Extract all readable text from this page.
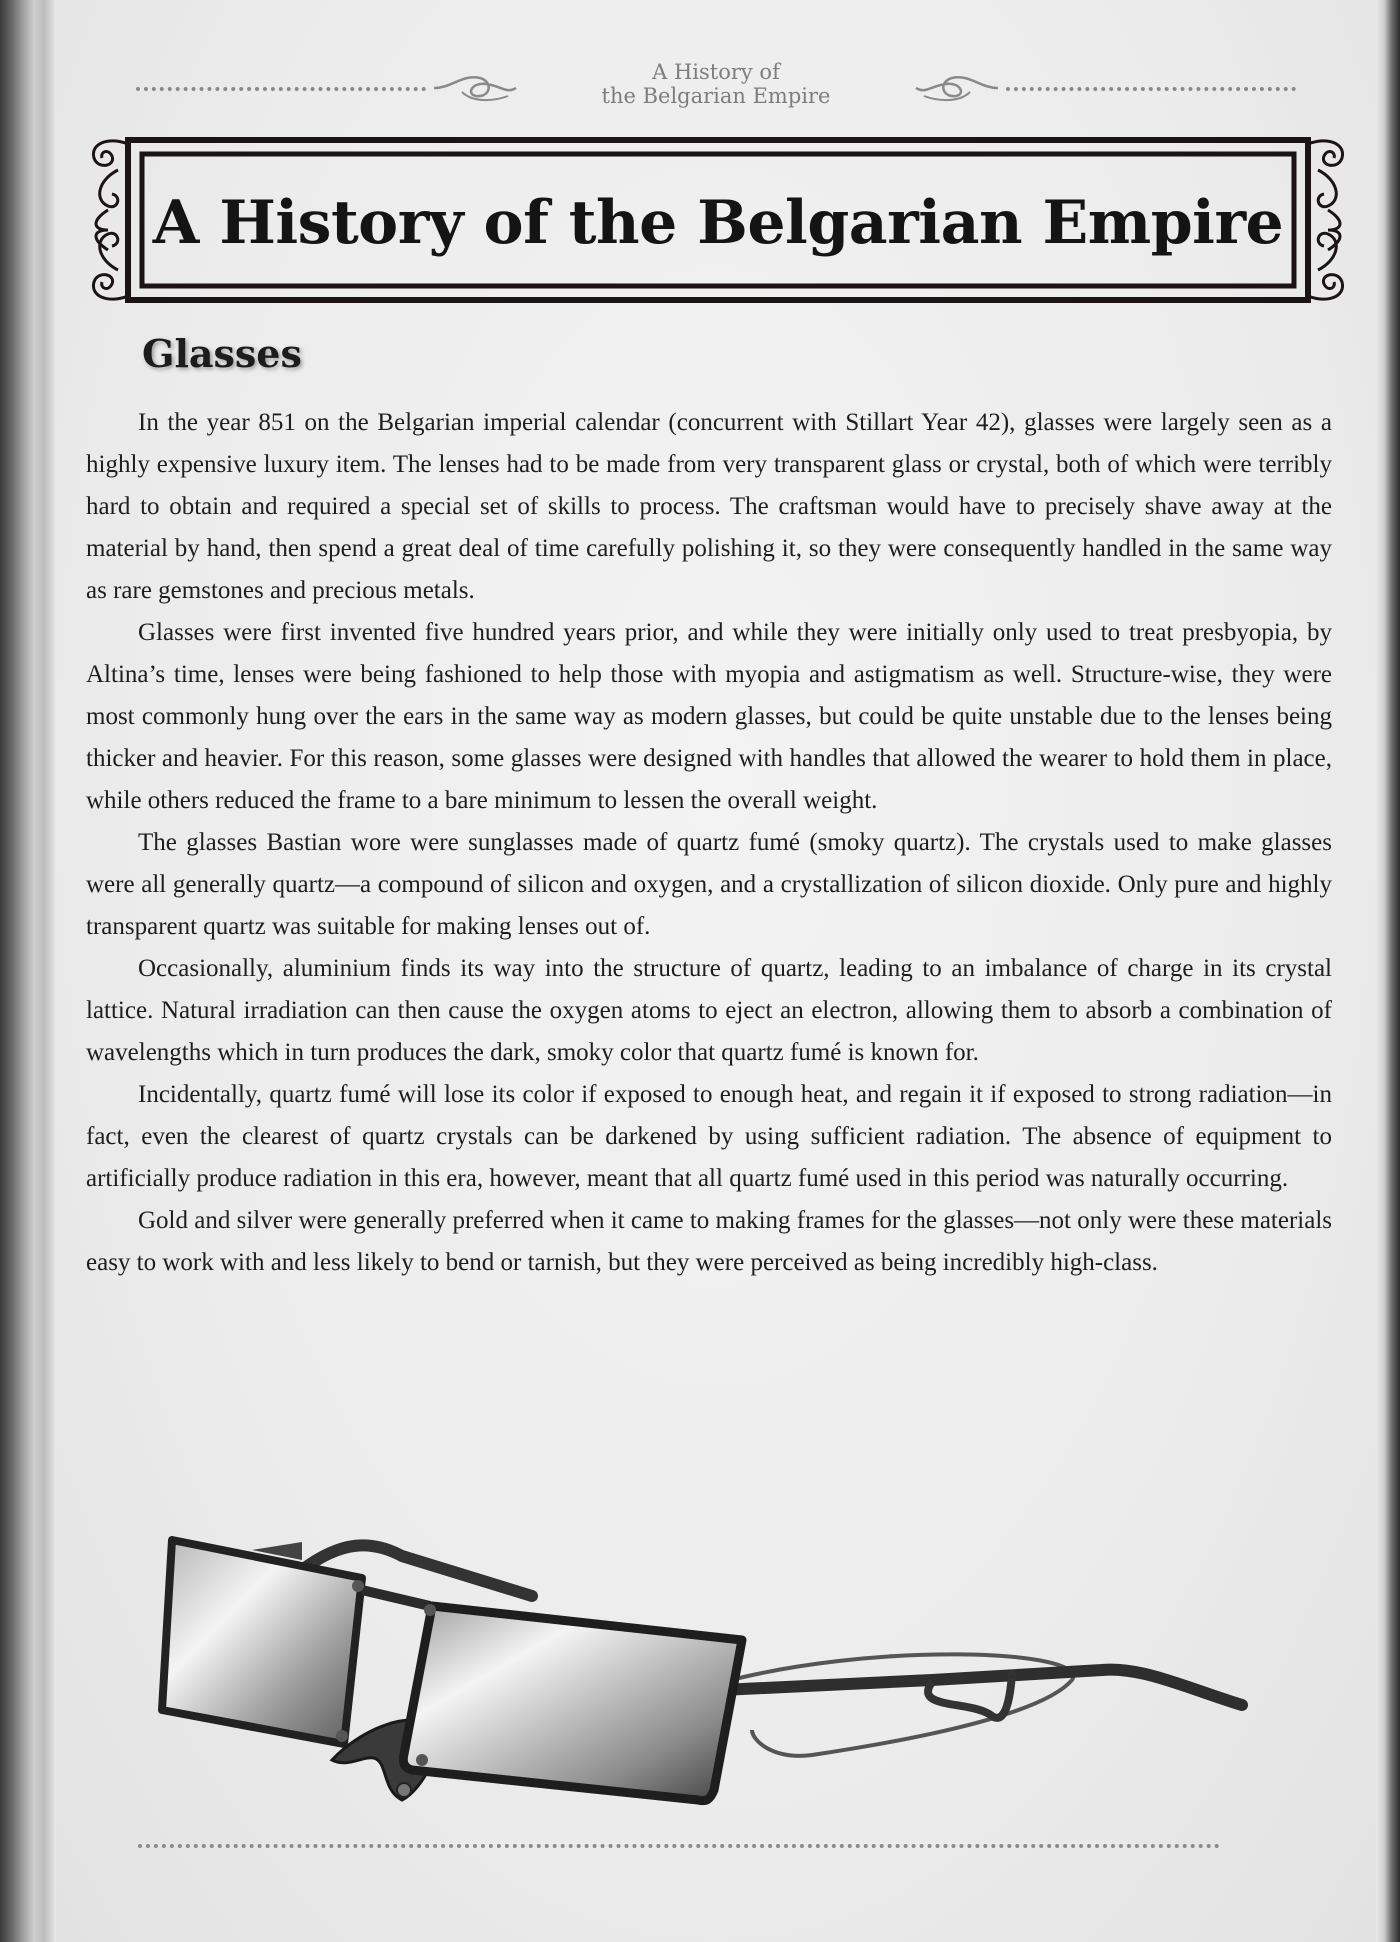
A History of
the Belgarian Empire
A History of the Belgarian Empire
Glasses

In the year 851 on the Belgarian imperial calendar (concurrent with Stillart Year 42), glasses were largely seen as a highly expensive luxury item. The lenses had to be made from very transparent glass or crystal, both of which were terribly hard to obtain and required a special set of skills to process. The craftsman would have to precisely shave away at the material by hand, then spend a great deal of time carefully polishing it, so they were consequently handled in the same way as rare gemstones and precious metals.

Glasses were first invented five hundred years prior, and while they were initially only used to treat presbyopia, by Altina’s time, lenses were being fashioned to help those with myopia and astigmatism as well. Structure-wise, they were most commonly hung over the ears in the same way as modern glasses, but could be quite unstable due to the lenses being thicker and heavier. For this reason, some glasses were designed with handles that allowed the wearer to hold them in place, while others reduced the frame to a bare minimum to lessen the overall weight.

The glasses Bastian wore were sunglasses made of quartz fumé (smoky quartz). The crystals used to make glasses were all generally quartz—a compound of silicon and oxygen, and a crystallization of silicon dioxide. Only pure and highly transparent quartz was suitable for making lenses out of.

Occasionally, aluminium finds its way into the structure of quartz, leading to an imbalance of charge in its crystal lattice. Natural irradiation can then cause the oxygen atoms to eject an electron, allowing them to absorb a combination of wavelengths which in turn produces the dark, smoky color that quartz fumé is known for.

Incidentally, quartz fumé will lose its color if exposed to enough heat, and regain it if exposed to strong radiation—in fact, even the clearest of quartz crystals can be darkened by using sufficient radiation. The absence of equipment to artificially produce radiation in this era, however, meant that all quartz fumé used in this period was naturally occurring.

Gold and silver were generally preferred when it came to making frames for the glasses—not only were these materials easy to work with and less likely to bend or tarnish, but they were perceived as being incredibly high-class.
